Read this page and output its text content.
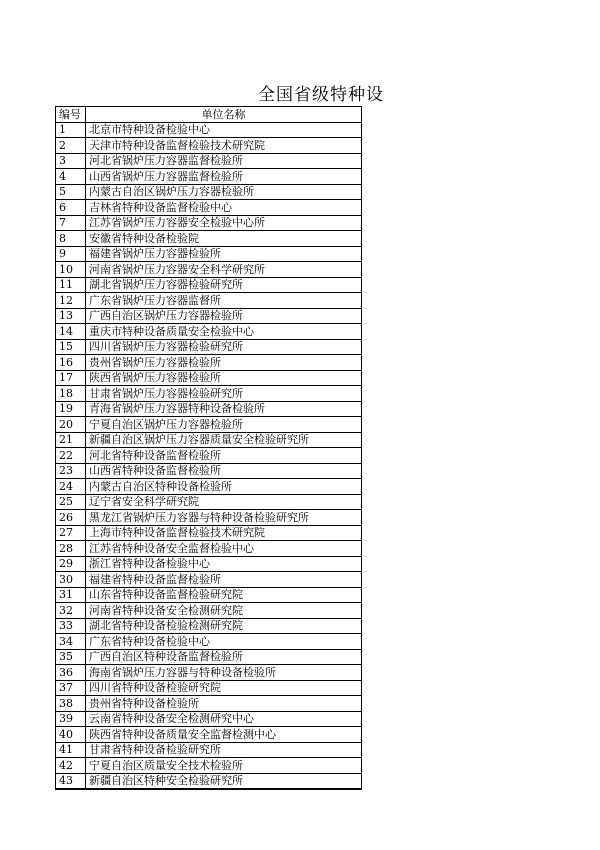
全国省级特种设
编号	单位名称
1	北京市特种设备检验中心
2	天津市特种设备监督检验技术研究院
3	河北省锅炉压力容器监督检验所
4	山西省锅炉压力容器监督检验所
5	内蒙古自治区锅炉压力容器检验所
6	吉林省特种设备监督检验中心
7	江苏省锅炉压力容器安全检验中心所
8	安徽省特种设备检验院
9	福建省锅炉压力容器检验所
10	河南省锅炉压力容器安全科学研究所
11	湖北省锅炉压力容器检验研究所
12	广东省锅炉压力容器监督所
13	广西自治区锅炉压力容器检验所
14	重庆市特种设备质量安全检验中心
15	四川省锅炉压力容器检验研究所
16	贵州省锅炉压力容器检验所
17	陕西省锅炉压力容器检验所
18	甘肃省锅炉压力容器检验研究所
19	青海省锅炉压力容器特种设备检验所
20	宁夏自治区锅炉压力容器检验所
21	新疆自治区锅炉压力容器质量安全检验研究所
22	河北省特种设备监督检验所
23	山西省特种设备监督检验所
24	内蒙古自治区特种设备检验所
25	辽宁省安全科学研究院
26	黑龙江省锅炉压力容器与特种设备检验研究所
27	上海市特种设备监督检验技术研究院
28	江苏省特种设备安全监督检验中心
29	浙江省特种设备检验中心
30	福建省特种设备监督检验所
31	山东省特种设备监督检验研究院
32	河南省特种设备安全检测研究院
33	湖北省特种设备检验检测研究院
34	广东省特种设备检验中心
35	广西自治区特种设备监督检验所
36	海南省锅炉压力容器与特种设备检验所
37	四川省特种设备检验研究院
38	贵州省特种设备检验所
39	云南省特种设备安全检测研究中心
40	陕西省特种设备质量安全监督检测中心
41	甘肃省特种设备检验研究所
42	宁夏自治区质量安全技术检验所
43	新疆自治区特种安全检验研究所
